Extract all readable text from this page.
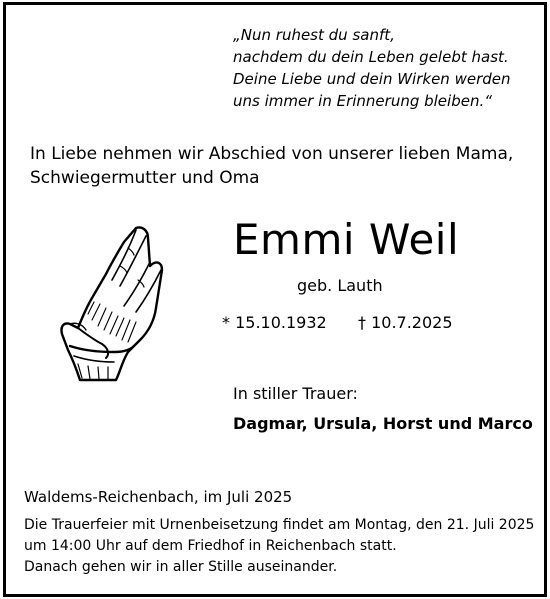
„Nun ruhest du sanft,
nachdem du dein Leben gelebt hast.
Deine Liebe und dein Wirken werden
uns immer in Erinnerung bleiben.“
In Liebe nehmen wir Abschied von unserer lieben Mama,
Schwiegermutter und Oma
Emmi Weil
geb. Lauth
* 15.10.1932 † 10.7.2025
In stiller Trauer:
Dagmar, Ursula, Horst und Marco
Waldems-Reichenbach, im Juli 2025
Die Trauerfeier mit Urnenbeisetzung findet am Montag, den 21. Juli 2025
um 14:00 Uhr auf dem Friedhof in Reichenbach statt.
Danach gehen wir in aller Stille auseinander.
